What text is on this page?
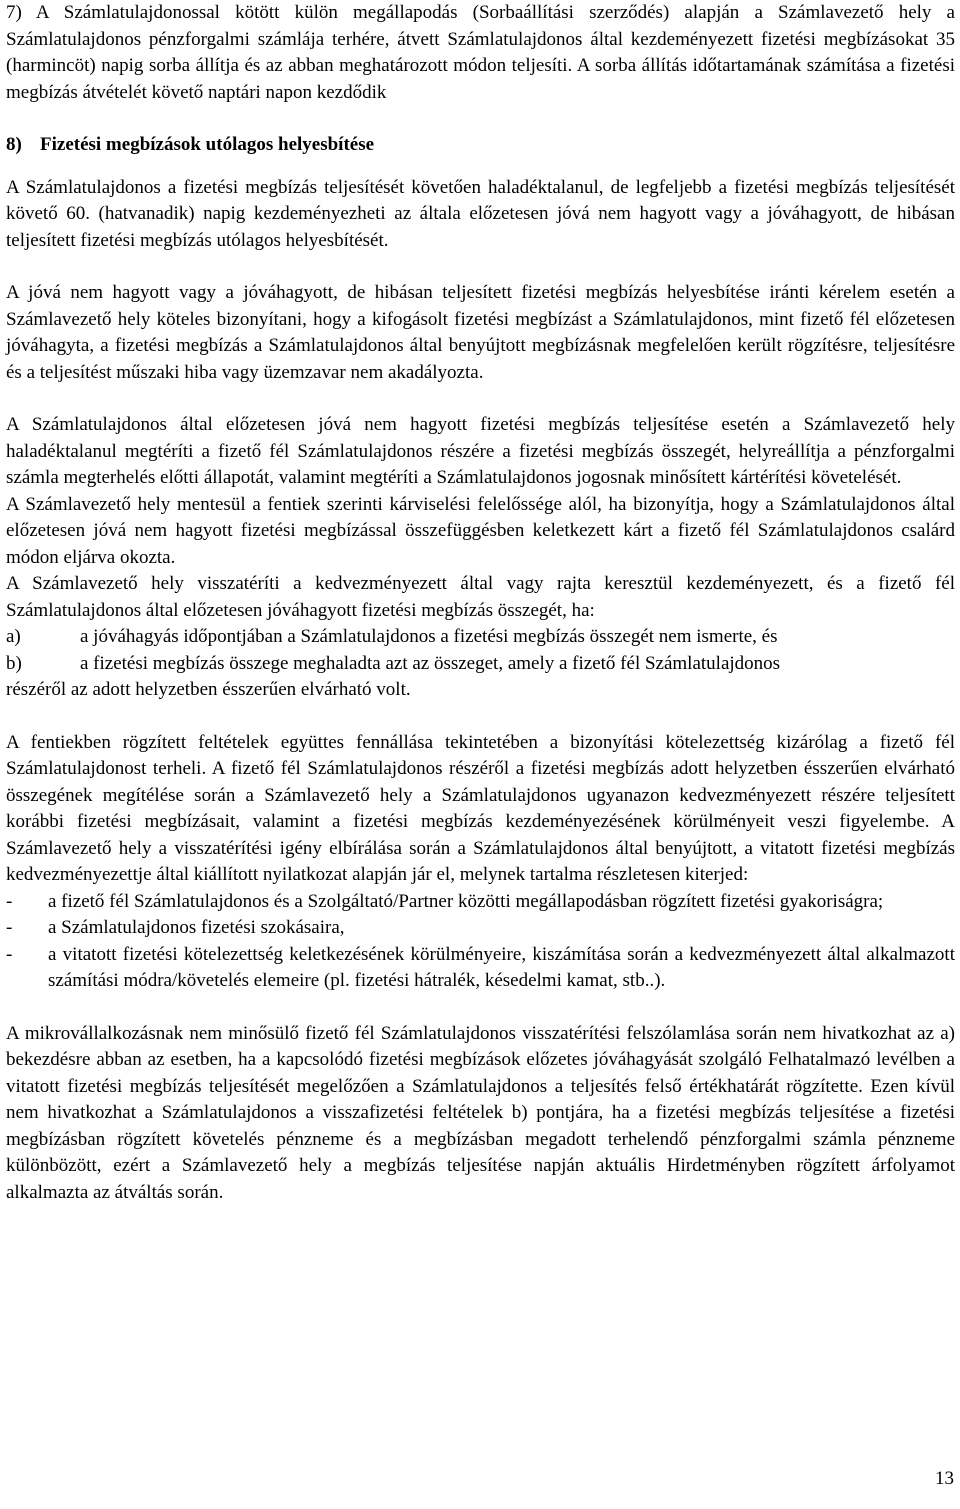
7) A Számlatulajdonossal kötött külön megállapodás (Sorbaállítási szerződés) alapján a Számlavezető hely a Számlatulajdonos pénzforgalmi számlája terhére, átvett Számlatulajdonos által kezdeményezett fizetési megbízásokat 35 (harmincöt) napig sorba állítja és az abban meghatározott módon teljesíti. A sorba állítás időtartamának számítása a fizetési megbízás átvételét követő naptári napon kezdődik

8) Fizetési megbízások utólagos helyesbítése

A Számlatulajdonos a fizetési megbízás teljesítését követően haladéktalanul, de legfeljebb a fizetési megbízás teljesítését követő 60. (hatvanadik) napig kezdeményezheti az általa előzetesen jóvá nem hagyott vagy a jóváhagyott, de hibásan teljesített fizetési megbízás utólagos helyesbítését.

A jóvá nem hagyott vagy a jóváhagyott, de hibásan teljesített fizetési megbízás helyesbítése iránti kérelem esetén a Számlavezető hely köteles bizonyítani, hogy a kifogásolt fizetési megbízást a Számlatulajdonos, mint fizető fél előzetesen jóváhagyta, a fizetési megbízás a Számlatulajdonos által benyújtott megbízásnak megfelelően került rögzítésre, teljesítésre és a teljesítést műszaki hiba vagy üzemzavar nem akadályozta.

A Számlatulajdonos által előzetesen jóvá nem hagyott fizetési megbízás teljesítése esetén a Számlavezető hely haladéktalanul megtéríti a fizető fél Számlatulajdonos részére a fizetési megbízás összegét, helyreállítja a pénzforgalmi számla megterhelés előtti állapotát, valamint megtéríti a Számlatulajdonos jogosnak minősített kártérítési követelését.

A Számlavezető hely mentesül a fentiek szerinti kárviselési felelőssége alól, ha bizonyítja, hogy a Számlatulajdonos által előzetesen jóvá nem hagyott fizetési megbízással összefüggésben keletkezett kárt a fizető fél Számlatulajdonos csalárd módon eljárva okozta.

A Számlavezető hely visszatéríti a kedvezményezett által vagy rajta keresztül kezdeményezett, és a fizető fél Számlatulajdonos által előzetesen jóváhagyott fizetési megbízás összegét, ha:

a)	a jóváhagyás időpontjában a Számlatulajdonos a fizetési megbízás összegét nem ismerte, és
b)	a fizetési megbízás összege meghaladta azt az összeget, amely a fizető fél Számlatulajdonos

részéről az adott helyzetben ésszerűen elvárható volt.

A fentiekben rögzített feltételek együttes fennállása tekintetében a bizonyítási kötelezettség kizárólag a fizető fél Számlatulajdonost terheli. A fizető fél Számlatulajdonos részéről a fizetési megbízás adott helyzetben ésszerűen elvárható összegének megítélése során a Számlavezető hely a Számlatulajdonos ugyanazon kedvezményezett részére teljesített korábbi fizetési megbízásait, valamint a fizetési megbízás kezdeményezésének körülményeit veszi figyelembe. A Számlavezető hely a visszatérítési igény elbírálása során a Számlatulajdonos által benyújtott, a vitatott fizetési megbízás kedvezményezettje által kiállított nyilatkozat alapján jár el, melynek tartalma részletesen kiterjed:

-	a fizető fél Számlatulajdonos és a Szolgáltató/Partner közötti megállapodásban rögzített fizetési gyakoriságra;
-	a Számlatulajdonos fizetési szokásaira,
-	a vitatott fizetési kötelezettség keletkezésének körülményeire, kiszámítása során a kedvezményezett által alkalmazott számítási módra/követelés elemeire (pl. fizetési hátralék, késedelmi kamat, stb..).

A mikrovállalkozásnak nem minősülő fizető fél Számlatulajdonos visszatérítési felszólamlása során nem hivatkozhat az a) bekezdésre abban az esetben, ha a kapcsolódó fizetési megbízások előzetes jóváhagyását szolgáló Felhatalmazó levélben a vitatott fizetési megbízás teljesítését megelőzően a Számlatulajdonos a teljesítés felső értékhatárát rögzítette. Ezen kívül nem hivatkozhat a Számlatulajdonos a visszafizetési feltételek b) pontjára, ha a fizetési megbízás teljesítése a fizetési megbízásban rögzített követelés pénzneme és a megbízásban megadott terhelendő pénzforgalmi számla pénzneme különbözött, ezért a Számlavezető hely a megbízás teljesítése napján aktuális Hirdetményben rögzített árfolyamot alkalmazta az átváltás során.

13
